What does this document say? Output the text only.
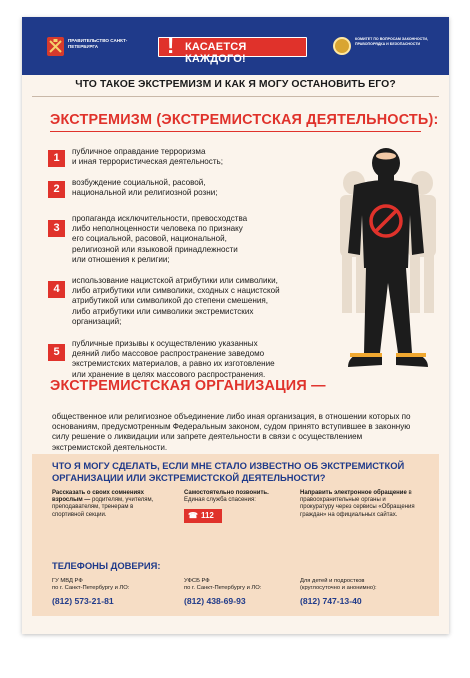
ПРАВИТЕЛЬСТВО САНКТ-ПЕТЕРБУРГА	! КАСАЕТСЯ КАЖДОГО!
КОМИТЕТ ПО ВОПРОСАМ ЗАКОННОСТИ, ПРАВОПОРЯДКА И БЕЗОПАСНОСТИ
ЧТО ТАКОЕ ЭКСТРЕМИЗМ И КАК Я МОГУ ОСТАНОВИТЬ ЕГО?
ЭКСТРЕМИЗМ (ЭКСТРЕМИСТСКАЯ ДЕЯТЕЛЬНОСТЬ):
1
публичное оправдание терроризма
и иная террористическая деятельность;
2
возбуждение социальной, расовой,
национальной или религиозной розни;
3
пропаганда исключительности, превосходства
либо неполноценности человека по признаку
его социальной, расовой, национальной,
религиозной или языковой принадлежности
или отношения к религии;
4
использование нацистской атрибутики или символики,
либо атрибутики или символики, сходных с нацистской
атрибутикой или символикой до степени смешения,
либо атрибутики или символики экстремистских
организаций;
5
публичные призывы к осуществлению указанных
деяний либо массовое распространение заведомо
экстремистских материалов, а равно их изготовление
или хранение в целях массового распространения.
ЭКСТРЕМИСТСКАЯ ОРГАНИЗАЦИЯ —
общественное или религиозное объединение либо иная организация, в отношении которых по основаниям, предусмотренным Федеральным законом, судом принято вступившее в законную силу решение о ликвидации или запрете деятельности в связи с осуществлением экстремистской деятельности.
ЧТО Я МОГУ СДЕЛАТЬ, ЕСЛИ МНЕ СТАЛО ИЗВЕСТНО ОБ ЭКСТРЕМИСТКОЙ ОРГАНИЗАЦИИ ИЛИ ЭКСТРЕМИСТСКОЙ ДЕЯТЕЛЬНОСТИ?
Рассказать о своих сомнениях взрослым — родителям, учителям, преподавателям, тренерам в спортивной секции.
Самостоятельно позвонить.
Единая служба спасения:
☎ 112
Направить электронное обращение в правоохранительные органы и прокуратуру через сервисы «Обращения граждан» на официальных сайтах.
ТЕЛЕФОНЫ ДОВЕРИЯ:
ГУ МВД РФ
по г. Санкт-Петербургу и ЛО:
(812) 573-21-81
УФСБ РФ
по г. Санкт-Петербургу и ЛО:
(812) 438-69-93
Для детей и подростков
(круглосуточно и анонимно):
(812) 747-13-40
